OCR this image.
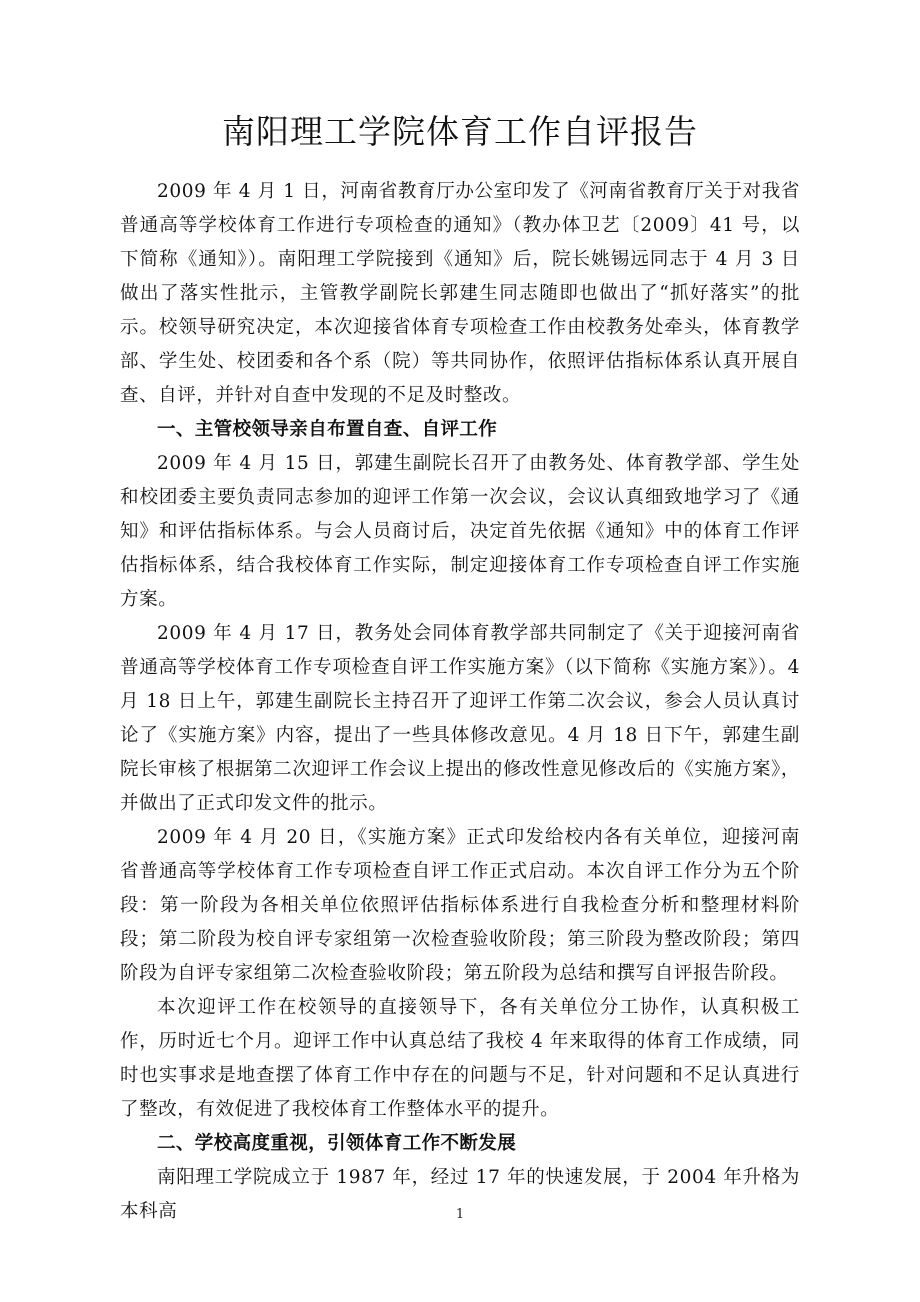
南阳理工学院体育工作自评报告

2009 年 4 月 1 日，河南省教育厅办公室印发了《河南省教育厅关于对我省普通高等学校体育工作进行专项检查的通知》（教办体卫艺〔2009〕41 号，以下简称《通知》）。南阳理工学院接到《通知》后，院长姚锡远同志于 4 月 3 日做出了落实性批示，主管教学副院长郭建生同志随即也做出了“抓好落实”的批示。校领导研究决定，本次迎接省体育专项检查工作由校教务处牵头，体育教学部、学生处、校团委和各个系（院）等共同协作，依照评估指标体系认真开展自查、自评，并针对自查中发现的不足及时整改。

一、主管校领导亲自布置自查、自评工作

2009 年 4 月 15 日，郭建生副院长召开了由教务处、体育教学部、学生处和校团委主要负责同志参加的迎评工作第一次会议，会议认真细致地学习了《通知》和评估指标体系。与会人员商讨后，决定首先依据《通知》中的体育工作评估指标体系，结合我校体育工作实际，制定迎接体育工作专项检查自评工作实施方案。

2009 年 4 月 17 日，教务处会同体育教学部共同制定了《关于迎接河南省普通高等学校体育工作专项检查自评工作实施方案》（以下简称《实施方案》）。4 月 18 日上午，郭建生副院长主持召开了迎评工作第二次会议，参会人员认真讨论了《实施方案》内容，提出了一些具体修改意见。4 月 18 日下午，郭建生副院长审核了根据第二次迎评工作会议上提出的修改性意见修改后的《实施方案》，并做出了正式印发文件的批示。

2009 年 4 月 20 日，《实施方案》正式印发给校内各有关单位，迎接河南省普通高等学校体育工作专项检查自评工作正式启动。本次自评工作分为五个阶段：第一阶段为各相关单位依照评估指标体系进行自我检查分析和整理材料阶段；第二阶段为校自评专家组第一次检查验收阶段；第三阶段为整改阶段；第四阶段为自评专家组第二次检查验收阶段；第五阶段为总结和撰写自评报告阶段。

本次迎评工作在校领导的直接领导下，各有关单位分工协作，认真积极工作，历时近七个月。迎评工作中认真总结了我校 4 年来取得的体育工作成绩，同时也实事求是地查摆了体育工作中存在的问题与不足，针对问题和不足认真进行了整改，有效促进了我校体育工作整体水平的提升。

二、学校高度重视，引领体育工作不断发展

南阳理工学院成立于 1987 年，经过 17 年的快速发展，于 2004 年升格为本科高	1
